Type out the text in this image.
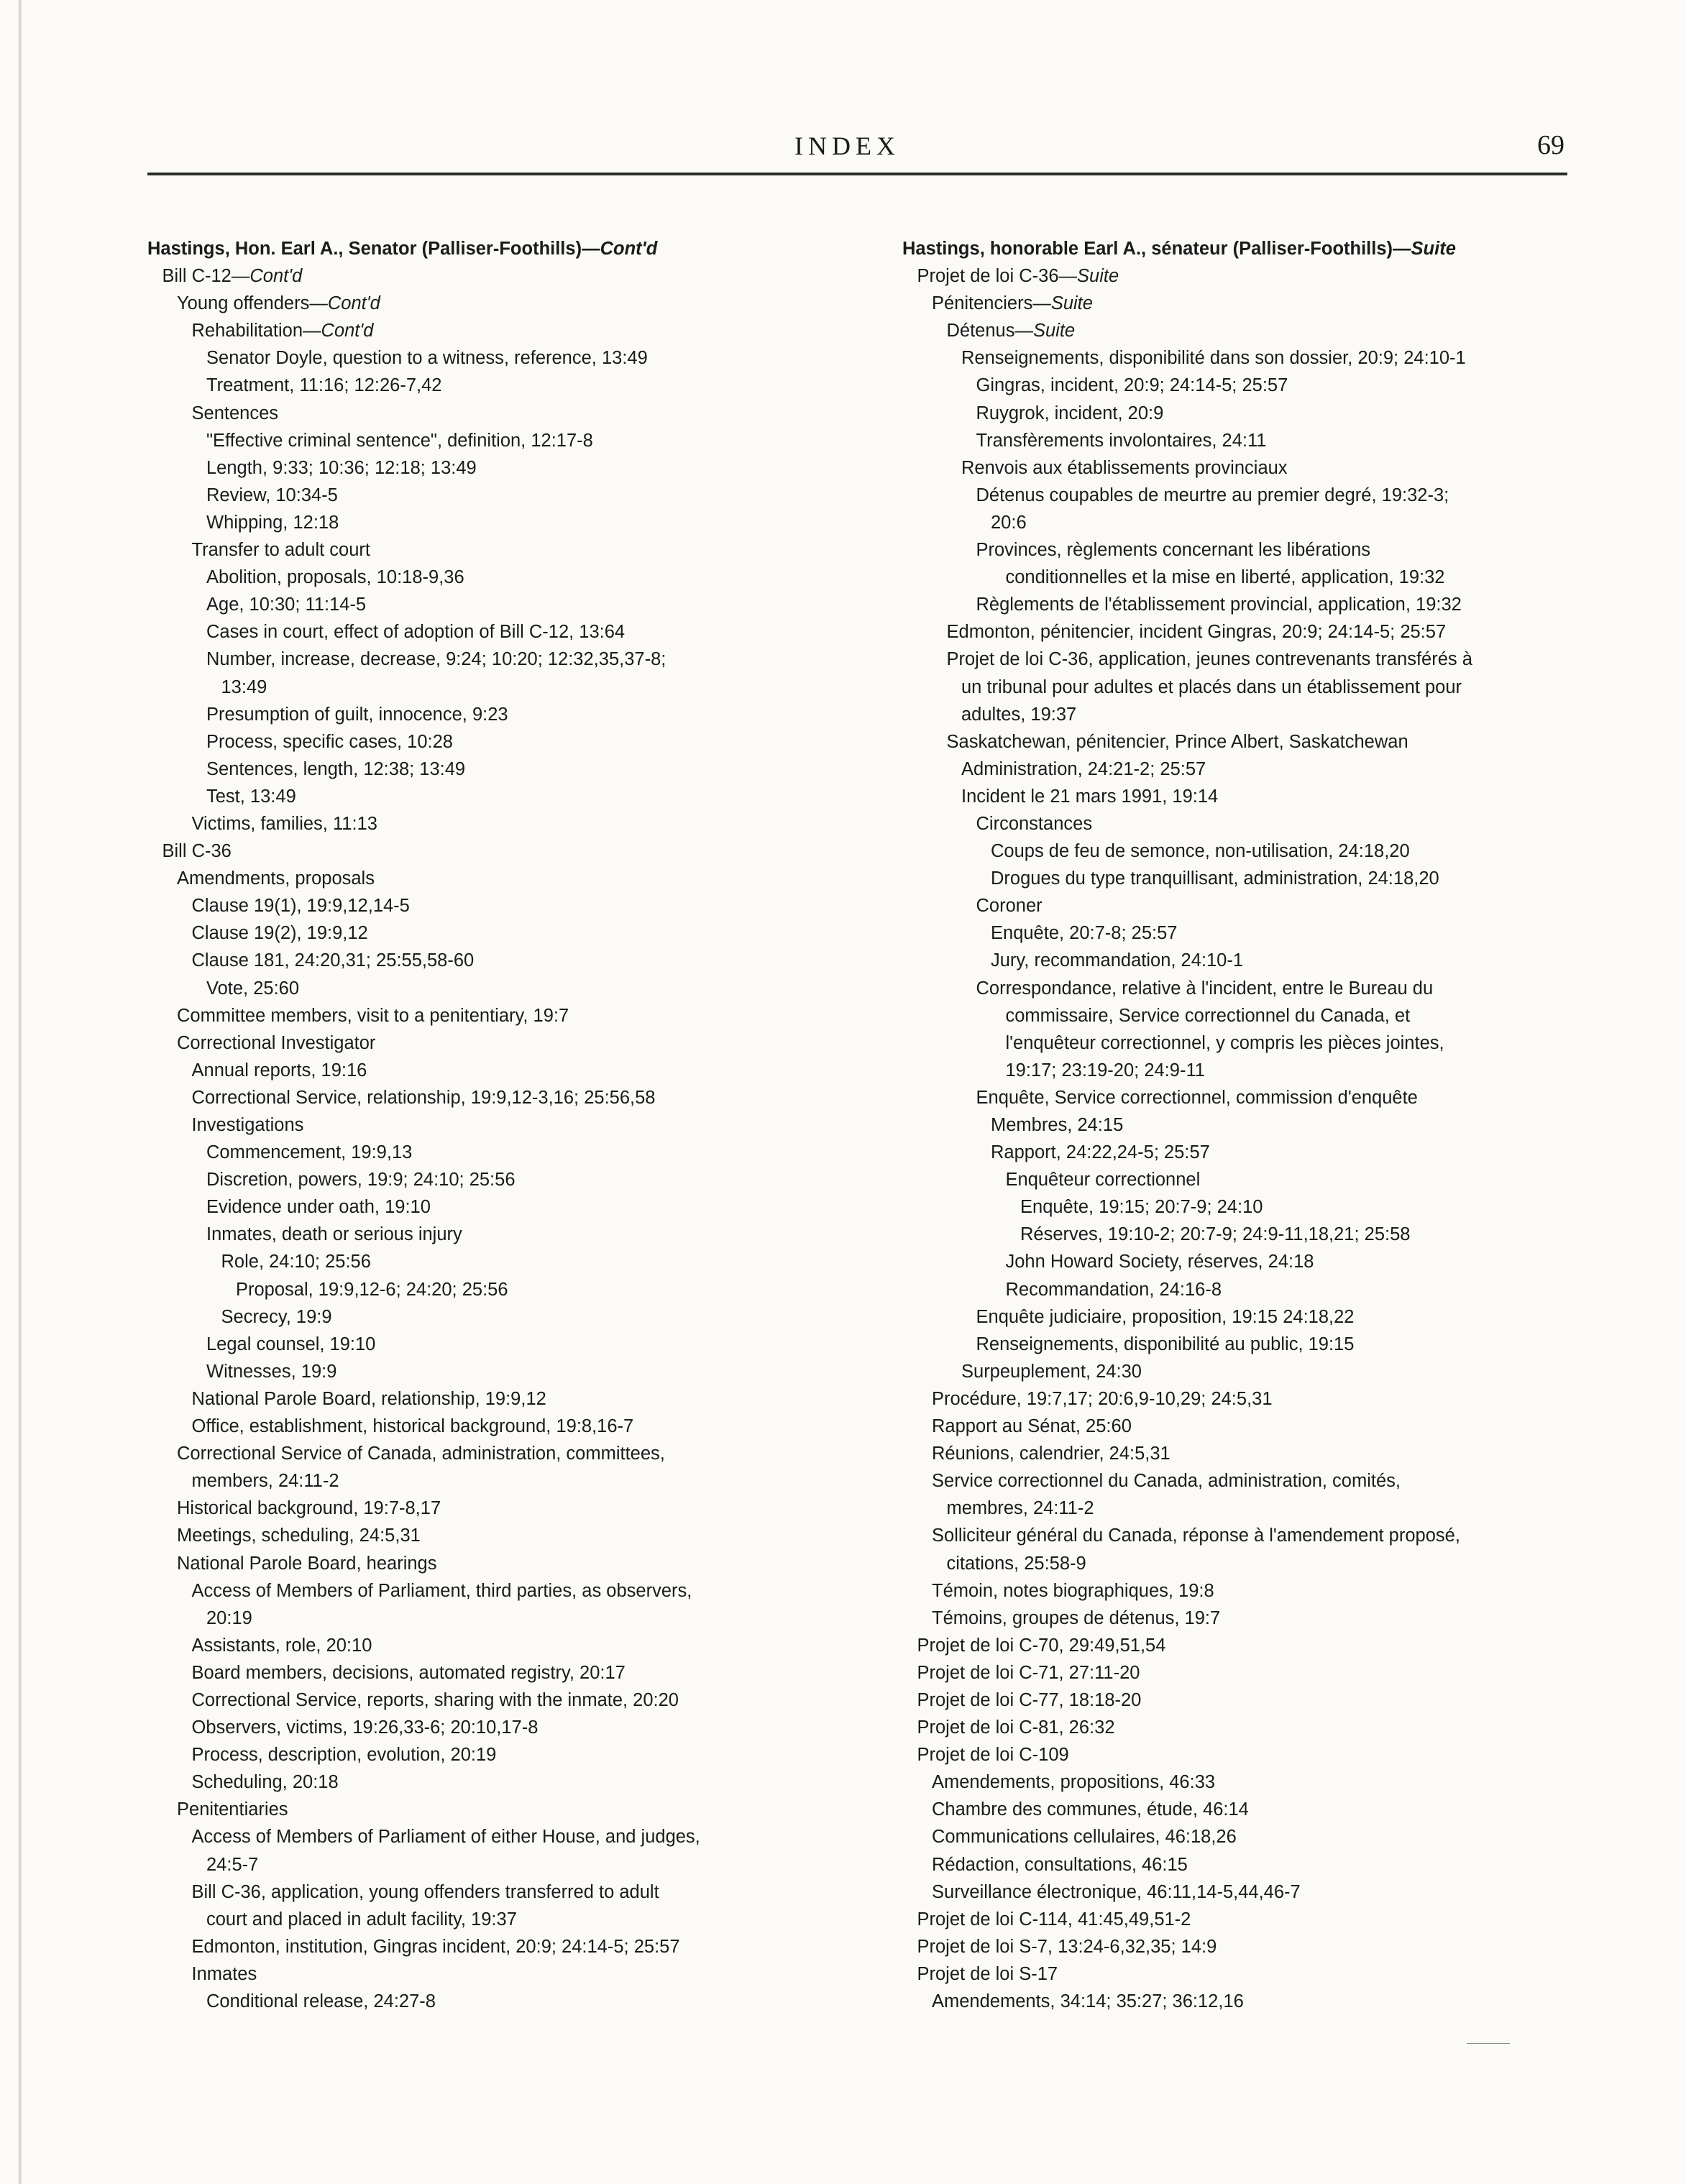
INDEX	69
Hastings, Hon. Earl A., Senator (Palliser-Foothills)—Cont'd
Bill C-12—Cont'd
Young offenders—Cont'd
Rehabilitation—Cont'd
Senator Doyle, question to a witness, reference, 13:49
Treatment, 11:16; 12:26-7,42
Sentences
"Effective criminal sentence", definition, 12:17-8
Length, 9:33; 10:36; 12:18; 13:49
Review, 10:34-5
Whipping, 12:18
Transfer to adult court
Abolition, proposals, 10:18-9,36
Age, 10:30; 11:14-5
Cases in court, effect of adoption of Bill C-12, 13:64
Number, increase, decrease, 9:24; 10:20; 12:32,35,37-8;
13:49
Presumption of guilt, innocence, 9:23
Process, specific cases, 10:28
Sentences, length, 12:38; 13:49
Test, 13:49
Victims, families, 11:13
Bill C-36
Amendments, proposals
Clause 19(1), 19:9,12,14-5
Clause 19(2), 19:9,12
Clause 181, 24:20,31; 25:55,58-60
Vote, 25:60
Committee members, visit to a penitentiary, 19:7
Correctional Investigator
Annual reports, 19:16
Correctional Service, relationship, 19:9,12-3,16; 25:56,58
Investigations
Commencement, 19:9,13
Discretion, powers, 19:9; 24:10; 25:56
Evidence under oath, 19:10
Inmates, death or serious injury
Role, 24:10; 25:56
Proposal, 19:9,12-6; 24:20; 25:56
Secrecy, 19:9
Legal counsel, 19:10
Witnesses, 19:9
National Parole Board, relationship, 19:9,12
Office, establishment, historical background, 19:8,16-7
Correctional Service of Canada, administration, committees,
members, 24:11-2
Historical background, 19:7-8,17
Meetings, scheduling, 24:5,31
National Parole Board, hearings
Access of Members of Parliament, third parties, as observers,
20:19
Assistants, role, 20:10
Board members, decisions, automated registry, 20:17
Correctional Service, reports, sharing with the inmate, 20:20
Observers, victims, 19:26,33-6; 20:10,17-8
Process, description, evolution, 20:19
Scheduling, 20:18
Penitentiaries
Access of Members of Parliament of either House, and judges,
24:5-7
Bill C-36, application, young offenders transferred to adult
court and placed in adult facility, 19:37
Edmonton, institution, Gingras incident, 20:9; 24:14-5; 25:57
Inmates
Conditional release, 24:27-8
Hastings, honorable Earl A., sénateur (Palliser-Foothills)—Suite
Projet de loi C-36—Suite
Pénitenciers—Suite
Détenus—Suite
Renseignements, disponibilité dans son dossier, 20:9; 24:10-1
Gingras, incident, 20:9; 24:14-5; 25:57
Ruygrok, incident, 20:9
Transfèrements involontaires, 24:11
Renvois aux établissements provinciaux
Détenus coupables de meurtre au premier degré, 19:32-3;
20:6
Provinces, règlements concernant les libérations
conditionnelles et la mise en liberté, application, 19:32
Règlements de l'établissement provincial, application, 19:32
Edmonton, pénitencier, incident Gingras, 20:9; 24:14-5; 25:57
Projet de loi C-36, application, jeunes contrevenants transférés à
un tribunal pour adultes et placés dans un établissement pour
adultes, 19:37
Saskatchewan, pénitencier, Prince Albert, Saskatchewan
Administration, 24:21-2; 25:57
Incident le 21 mars 1991, 19:14
Circonstances
Coups de feu de semonce, non-utilisation, 24:18,20
Drogues du type tranquillisant, administration, 24:18,20
Coroner
Enquête, 20:7-8; 25:57
Jury, recommandation, 24:10-1
Correspondance, relative à l'incident, entre le Bureau du
commissaire, Service correctionnel du Canada, et
l'enquêteur correctionnel, y compris les pièces jointes,
19:17; 23:19-20; 24:9-11
Enquête, Service correctionnel, commission d'enquête
Membres, 24:15
Rapport, 24:22,24-5; 25:57
Enquêteur correctionnel
Enquête, 19:15; 20:7-9; 24:10
Réserves, 19:10-2; 20:7-9; 24:9-11,18,21; 25:58
John Howard Society, réserves, 24:18
Recommandation, 24:16-8
Enquête judiciaire, proposition, 19:15 24:18,22
Renseignements, disponibilité au public, 19:15
Surpeuplement, 24:30
Procédure, 19:7,17; 20:6,9-10,29; 24:5,31
Rapport au Sénat, 25:60
Réunions, calendrier, 24:5,31
Service correctionnel du Canada, administration, comités,
membres, 24:11-2
Solliciteur général du Canada, réponse à l'amendement proposé,
citations, 25:58-9
Témoin, notes biographiques, 19:8
Témoins, groupes de détenus, 19:7
Projet de loi C-70, 29:49,51,54
Projet de loi C-71, 27:11-20
Projet de loi C-77, 18:18-20
Projet de loi C-81, 26:32
Projet de loi C-109
Amendements, propositions, 46:33
Chambre des communes, étude, 46:14
Communications cellulaires, 46:18,26
Rédaction, consultations, 46:15
Surveillance électronique, 46:11,14-5,44,46-7
Projet de loi C-114, 41:45,49,51-2
Projet de loi S-7, 13:24-6,32,35; 14:9
Projet de loi S-17
Amendements, 34:14; 35:27; 36:12,16
